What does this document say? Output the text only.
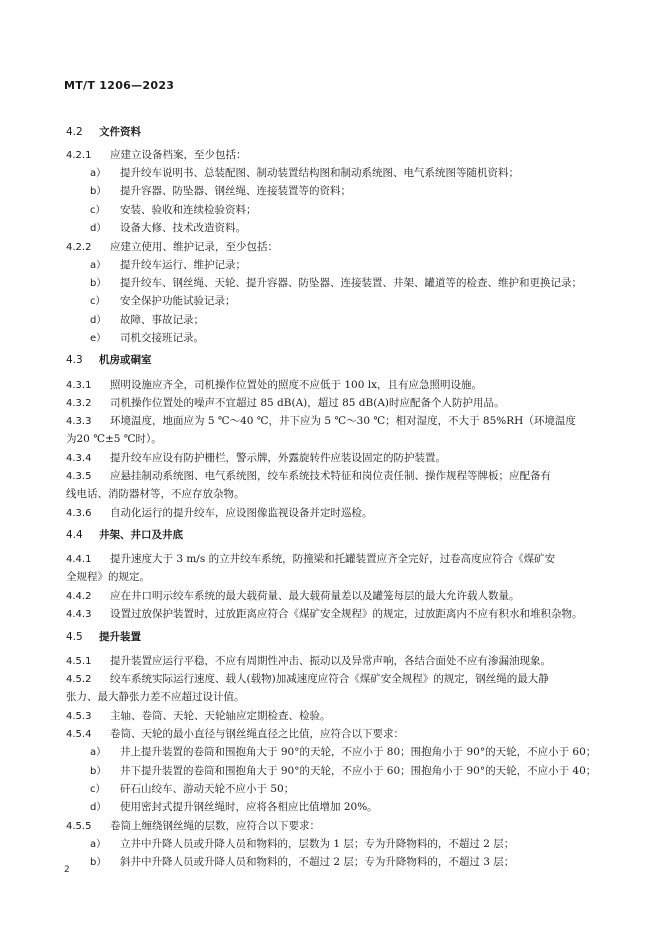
MT/T 1206—2023
4.2 文件资料
4.2.1 应建立设备档案，至少包括：
a） 提升绞车说明书、总装配图、制动装置结构图和制动系统图、电气系统图等随机资料；
b） 提升容器、防坠器、钢丝绳、连接装置等的资料；
c） 安装、验收和连续检验资料；
d） 设备大修、技术改造资料。
4.2.2 应建立使用、维护记录，至少包括：
a） 提升绞车运行、维护记录；
b） 提升绞车、钢丝绳、天轮、提升容器、防坠器、连接装置、井架、罐道等的检查、维护和更换记录；
c） 安全保护功能试验记录；
d） 故障、事故记录；
e） 司机交接班记录。
4.3 机房或硐室
4.3.1 照明设施应齐全，司机操作位置处的照度不应低于 100 lx，且有应急照明设施。
4.3.2 司机操作位置处的噪声不宜超过 85 dB(A)，超过 85 dB(A)时应配备个人防护用品。
4.3.3 环境温度，地面应为 5 ℃～40 ℃，井下应为 5 ℃～30 ℃；相对湿度，不大于 85%RH（环境温度
为20 ℃±5 ℃时）。
4.3.4 提升绞车应设有防护栅栏，警示牌，外露旋转件应装设固定的防护装置。
4.3.5 应悬挂制动系统图、电气系统图，绞车系统技术特征和岗位责任制、操作规程等牌板；应配备有
线电话、消防器材等，不应存放杂物。
4.3.6 自动化运行的提升绞车，应设图像监视设备并定时巡检。
4.4 井架、井口及井底
4.4.1 提升速度大于 3 m/s 的立井绞车系统，防撞梁和托罐装置应齐全完好，过卷高度应符合《煤矿安
全规程》的规定。
4.4.2 应在井口明示绞车系统的最大载荷量、最大载荷量差以及罐笼每层的最大允许载人数量。
4.4.3 设置过放保护装置时，过放距离应符合《煤矿安全规程》的规定，过放距离内不应有积水和堆积杂物。
4.5 提升装置
4.5.1 提升装置应运行平稳，不应有周期性冲击、振动以及异常声响，各结合面处不应有渗漏油现象。
4.5.2 绞车系统实际运行速度、载人(载物)加减速度应符合《煤矿安全规程》的规定，钢丝绳的最大静
张力、最大静张力差不应超过设计值。
4.5.3 主轴、卷筒、天轮、天轮轴应定期检查、检验。
4.5.4 卷筒、天轮的最小直径与钢丝绳直径之比值，应符合以下要求：
a） 井上提升装置的卷筒和围抱角大于 90°的天轮，不应小于 80；围抱角小于 90°的天轮，不应小于 60；
b） 井下提升装置的卷筒和围抱角大于 90°的天轮，不应小于 60；围抱角小于 90°的天轮，不应小于 40；
c） 矸石山绞车、游动天轮不应小于 50；
d） 使用密封式提升钢丝绳时，应将各相应比值增加 20%。
4.5.5 卷筒上缠绕钢丝绳的层数，应符合以下要求：
a） 立井中升降人员或升降人员和物料的，层数为 1 层；专为升降物料的，不超过 2 层；
b） 斜井中升降人员或升降人员和物料的，不超过 2 层；专为升降物料的，不超过 3 层；
2
